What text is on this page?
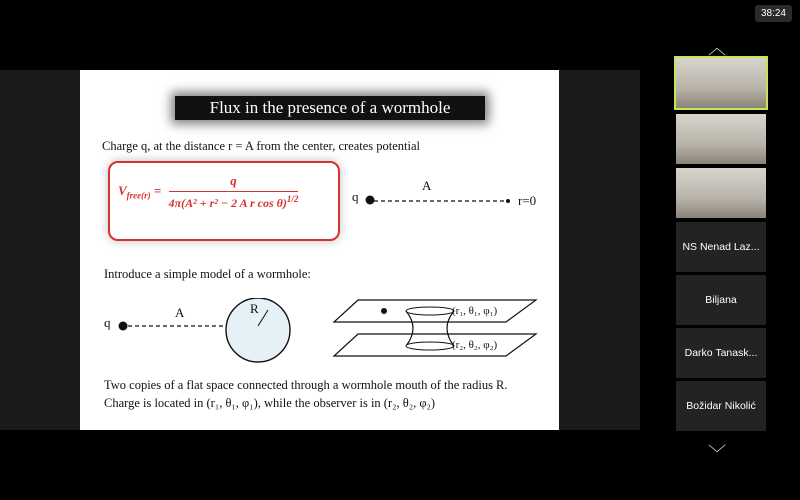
38:24
Flux in the presence of a wormhole
Charge q, at the distance r = A from the center, creates potential
$V_{free(r)} = \frac{q}{4\pi(A^2 + r^2 - 2 A r \cos \theta)^{1/2}}$	q
A
r=0
Introduce a simple model of a wormhole:
q
A	R	(r₁, θ₁, φ₁)
(r₂, θ₂, φ₂)
Two copies of a flat space connected through a wormhole mouth of the radius R.
Charge is located in (r₁, θ₁, φ₁), while the observer is in (r₂, θ₂, φ₂)
︿
NS Nenad Laz...
Biljana
Darko Tanask...
Božidar Nikolić
﹀
